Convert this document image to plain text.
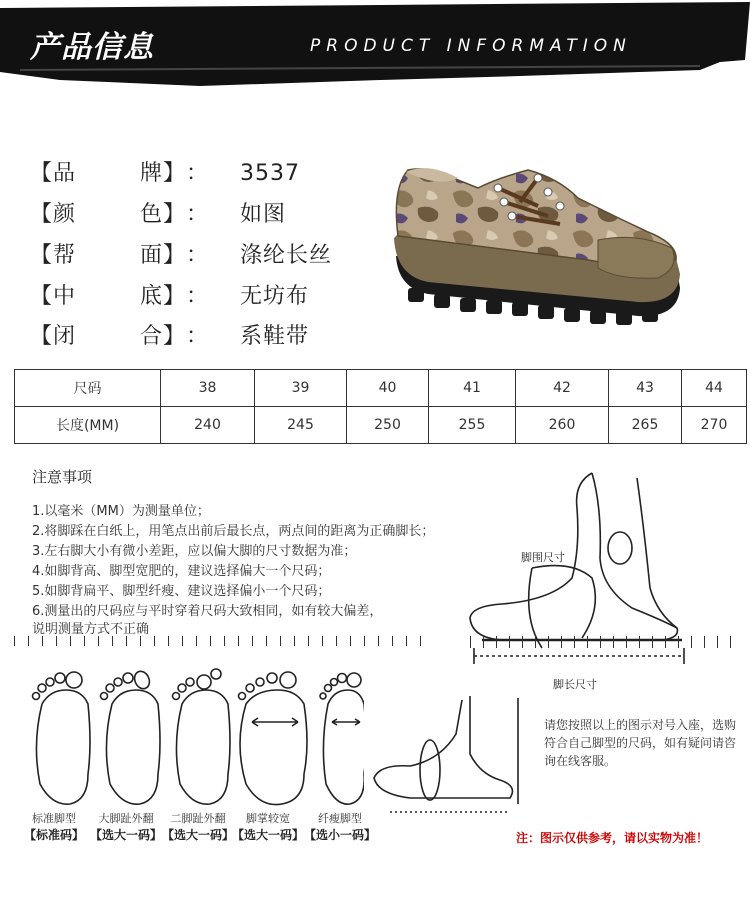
产品信息	PRODUCT INFORMATION
【品牌】： 3537
【颜色】： 如图
【帮面】： 涤纶长丝
【中底】： 无坊布
【闭合】： 系鞋带
尺码	38	39	40	41	42	43	44
长度(MM)	240	245	250	255	260	265	270
注意事项
1.以毫米（MM）为测量单位；
2.将脚踩在白纸上，用笔点出前后最长点，两点间的距离为正确脚长；
3.左右脚大小有微小差距，应以偏大脚的尺寸数据为准；
4.如脚背高、脚型宽肥的，建议选择偏大一个尺码；
5.如脚背扁平、脚型纤瘦、建议选择偏小一个尺码；
6.测量出的尺码应与平时穿着尺码大致相同，如有较大偏差，
说明测量方式不正确
脚围尺寸
脚长尺寸
标准脚型	大脚趾外翻	二脚趾外翻	脚掌较宽	纤瘦脚型
【标准码】 【选大一码】 【选大一码】
【选大一码】 【选小一码】
请您按照以上的图示对号入座，选购符合自己脚型的尺码，如有疑问请咨询在线客服。
注：图示仅供参考，请以实物为准！
